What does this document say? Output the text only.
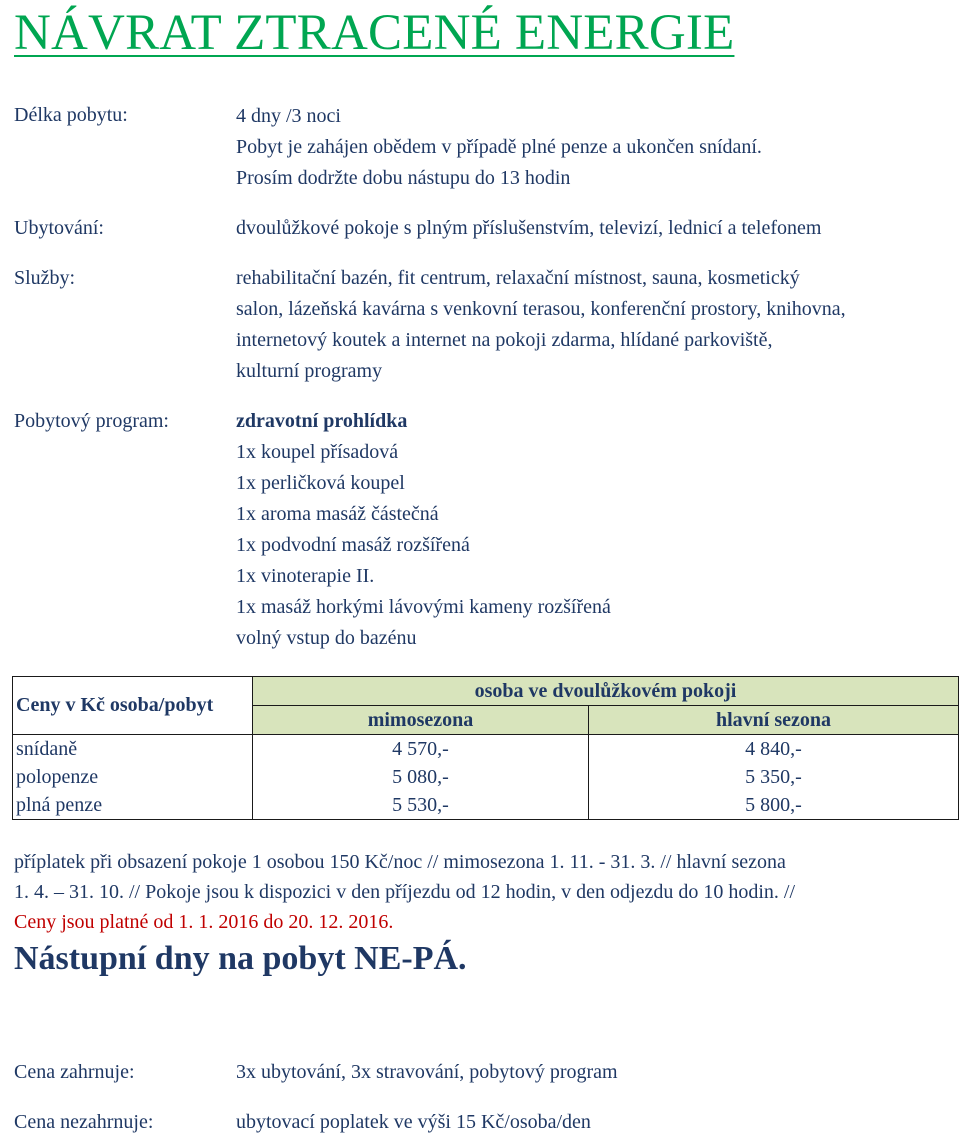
NÁVRAT ZTRACENÉ ENERGIE
Délka pobytu:	4 dny /3 noci
Pobyt je zahájen obědem v případě plné penze a ukončen snídaní.
Prosím dodržte dobu nástupu do 13 hodin
Ubytování:	dvoulůžkové pokoje s plným příslušenstvím, televizí, lednicí a telefonem
Služby:	rehabilitační bazén, fit centrum, relaxační místnost, sauna, kosmetický
salon, lázeňská kavárna s venkovní terasou, konferenční prostory, knihovna,
internetový koutek a internet na pokoji zdarma, hlídané parkoviště,
kulturní programy
Pobytový program:	zdravotní prohlídka
1x koupel přísadová
1x perličková koupel
1x aroma masáž částečná
1x podvodní masáž rozšířená
1x vinoterapie II.
1x masáž horkými lávovými kameny rozšířená
volný vstup do bazénu
Ceny v Kč osoba/pobyt	osoba ve dvoulůžkovém pokoji	
	mimosezona	hlavní sezona
snídaně	4 570,-	4 840,-
polopenze	5 080,-	5 350,-
plná penze	5 530,-	5 800,-
příplatek při obsazení pokoje 1 osobou 150 Kč/noc // mimosezona 1. 11. - 31. 3. // hlavní sezona
1. 4. – 31. 10. // Pokoje jsou k dispozici v den příjezdu od 12 hodin, v den odjezdu do 10 hodin. //
Ceny jsou platné od 1. 1. 2016 do 20. 12. 2016.
Nástupní dny na pobyt NE-PÁ.
Cena zahrnuje:	3x ubytování, 3x stravování, pobytový program
Cena nezahrnuje:	ubytovací poplatek ve výši 15 Kč/osoba/den
